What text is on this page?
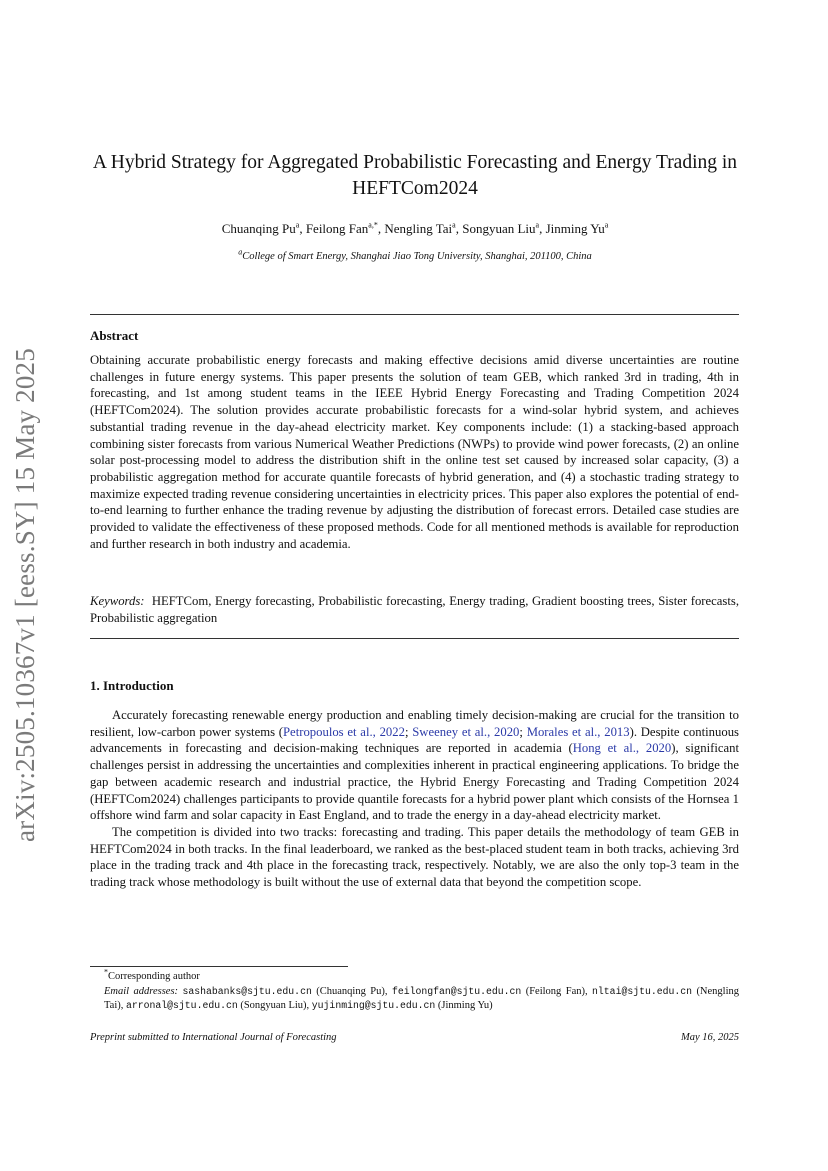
arXiv:2505.10367v1 [eess.SY] 15 May 2025
A Hybrid Strategy for Aggregated Probabilistic Forecasting and Energy Trading in HEFTCom2024
Chuanqing Pu$^a$, Feilong Fan$^{a,*}$, Nengling Tai$^a$, Songyuan Liu$^a$, Jinming Yu$^a$
$^a$College of Smart Energy, Shanghai Jiao Tong University, Shanghai, 201100, China
Abstract
Obtaining accurate probabilistic energy forecasts and making effective decisions amid diverse uncertainties are routine challenges in future energy systems. This paper presents the solution of team GEB, which ranked 3rd in trading, 4th in forecasting, and 1st among student teams in the IEEE Hybrid Energy Forecasting and Trading Competition 2024 (HEFTCom2024). The solution provides accurate probabilistic forecasts for a wind-solar hybrid system, and achieves substantial trading revenue in the day-ahead electricity market. Key components include: (1) a stacking-based approach combining sister forecasts from various Numerical Weather Predictions (NWPs) to provide wind power forecasts, (2) an online solar post-processing model to address the distribution shift in the online test set caused by increased solar capacity, (3) a probabilistic aggregation method for accurate quantile forecasts of hybrid generation, and (4) a stochastic trading strategy to maximize expected trading revenue considering uncertainties in electricity prices. This paper also explores the potential of end-to-end learning to further enhance the trading revenue by adjusting the distribution of forecast errors. Detailed case studies are provided to validate the effectiveness of these proposed methods. Code for all mentioned methods is available for reproduction and further research in both industry and academia.
Keywords: HEFTCom, Energy forecasting, Probabilistic forecasting, Energy trading, Gradient boosting trees, Sister forecasts, Probabilistic aggregation
1. Introduction

Accurately forecasting renewable energy production and enabling timely decision-making are crucial for the transition to resilient, low-carbon power systems (Petropoulos et al., 2022; Sweeney et al., 2020; Morales et al., 2013). Despite continuous advancements in forecasting and decision-making techniques are reported in academia (Hong et al., 2020), significant challenges persist in addressing the uncertainties and complexities inherent in practical engineering applications. To bridge the gap between academic research and industrial practice, the Hybrid Energy Forecasting and Trading Competition 2024 (HEFTCom2024) challenges participants to provide quantile forecasts for a hybrid power plant which consists of the Hornsea 1 offshore wind farm and solar capacity in East England, and to trade the energy in a day-ahead electricity market.

The competition is divided into two tracks: forecasting and trading. This paper details the methodology of team GEB in HEFTCom2024 in both tracks. In the final leaderboard, we ranked as the best-placed student team in both tracks, achieving 3rd place in the trading track and 4th place in the forecasting track, respectively. Notably, we are also the only top-3 team in the trading track whose methodology is built without the use of external data that beyond the competition scope.

*Corresponding author
Email addresses: sashabanks@sjtu.edu.cn (Chuanqing Pu), feilongfan@sjtu.edu.cn (Feilong Fan), nltai@sjtu.edu.cn (Nengling Tai), arronal@sjtu.edu.cn (Songyuan Liu), yujinming@sjtu.edu.cn (Jinming Yu)
Preprint submitted to International Journal of Forecasting	May 16, 2025
